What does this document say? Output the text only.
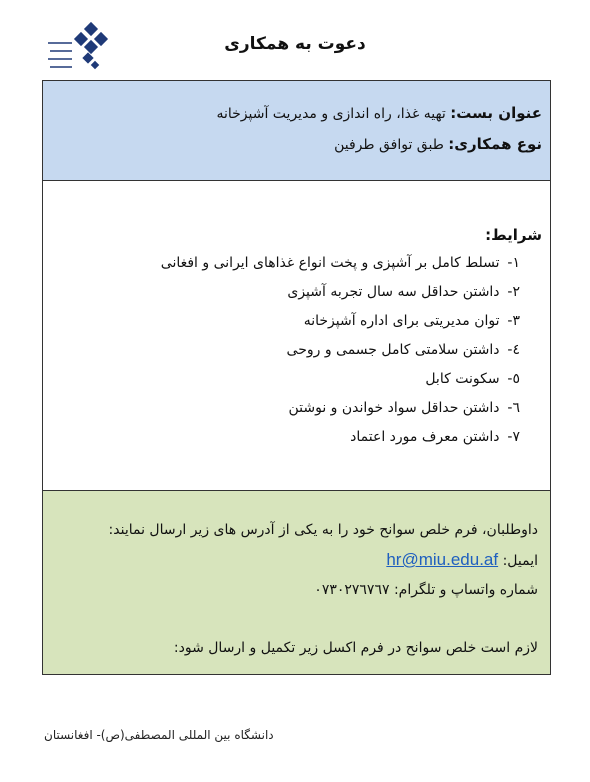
دعوت به همکاری
عنوان بست: تهیه غذا، راه اندازی و مدیریت آشپزخانه
نوع همکاری: طبق توافق طرفین
شرایط:
١- تسلط کامل بر آشپزی و پخت انواع غذاهای ایرانی و افغانی
٢- داشتن حداقل سه سال تجربه آشپزی
٣- توان مدیریتی برای اداره آشپزخانه
٤- داشتن سلامتی کامل جسمی و روحی
٥- سکونت کابل
٦- داشتن حداقل سواد خواندن و نوشتن
٧- داشتن معرف مورد اعتماد
داوطلبان، فرم خلص سوانح خود را به یکی از آدرس های زیر ارسال نمایند:
ایمیل: hr@miu.edu.af
شماره واتساپ و تلگرام: ٠٧٣٠٢٧٦٧٦٧
لازم است خلص سوانح در فرم اکسل زیر تکمیل و ارسال شود:
دانشگاه بین المللی المصطفی(ص)- افغانستان
